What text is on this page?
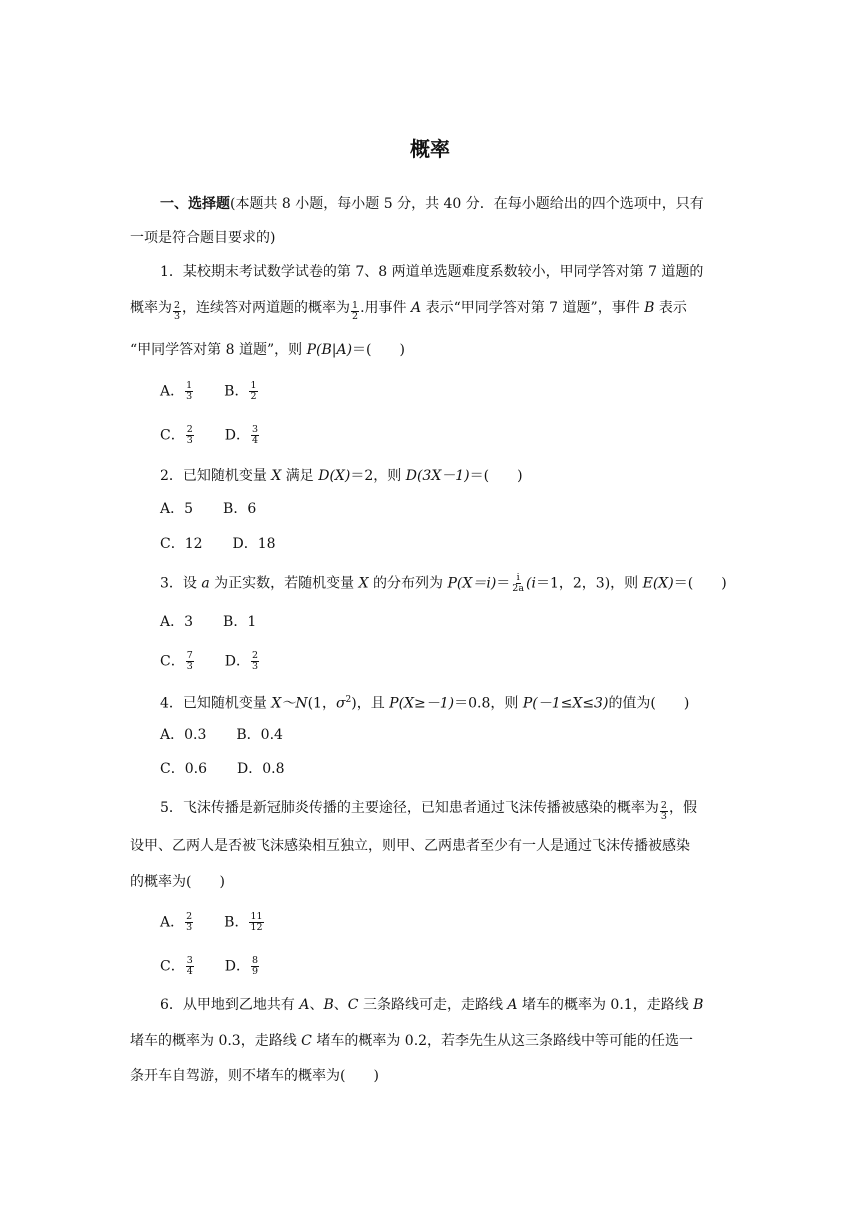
概率
一、选择题(本题共 8 小题，每小题 5 分，共 40 分．在每小题给出的四个选项中，只有
一项是符合题目要求的)
1．某校期末考试数学试卷的第 7、8 两道单选题难度系数较小，甲同学答对第 7 道题的
概率为 $\frac{2}{3}$ ，连续答对两道题的概率为 $\frac{1}{2}$ .用事件 A 表示“甲同学答对第 7 道题”，事件 B 表示
“甲同学答对第 8 道题”，则 P(B|A)＝(　　)
A． $\frac{1}{3}$ B． $\frac{1}{2}$
C． $\frac{2}{3}$ D． $\frac{3}{4}$
2．已知随机变量 X 满足 D(X)＝2，则 D(3X－1)＝(　　)
A．5 B．6
C．12 D．18
3．设 a 为正实数，若随机变量 X 的分布列为 $P(X=i)= \frac{i}{2a} (i=1$，2，3)，则 E(X)＝(　　)
A．3 B．1
C． $\frac{7}{3}$ D． $\frac{2}{3}$
4．已知随机变量 X～N(1，$\sigma^2$)，且 P(X≥－1)＝0.8，则 P(－1≤X≤3)的值为(　　)
A．0.3 B．0.4
C．0.6 D．0.8
5．飞沫传播是新冠肺炎传播的主要途径，已知患者通过飞沫传播被感染的概率为 $\frac{2}{3}$ ，假
设甲、乙两人是否被飞沫感染相互独立，则甲、乙两患者至少有一人是通过飞沫传播被感染
的概率为(　　)
A． $\frac{2}{3}$ B． $\frac{11}{12}$
C． $\frac{3}{4}$ D． $\frac{8}{9}$
6．从甲地到乙地共有 A、B、C 三条路线可走，走路线 A 堵车的概率为 0.1，走路线 B
堵车的概率为 0.3，走路线 C 堵车的概率为 0.2，若李先生从这三条路线中等可能的任选一
条开车自驾游，则不堵车的概率为(　　)
